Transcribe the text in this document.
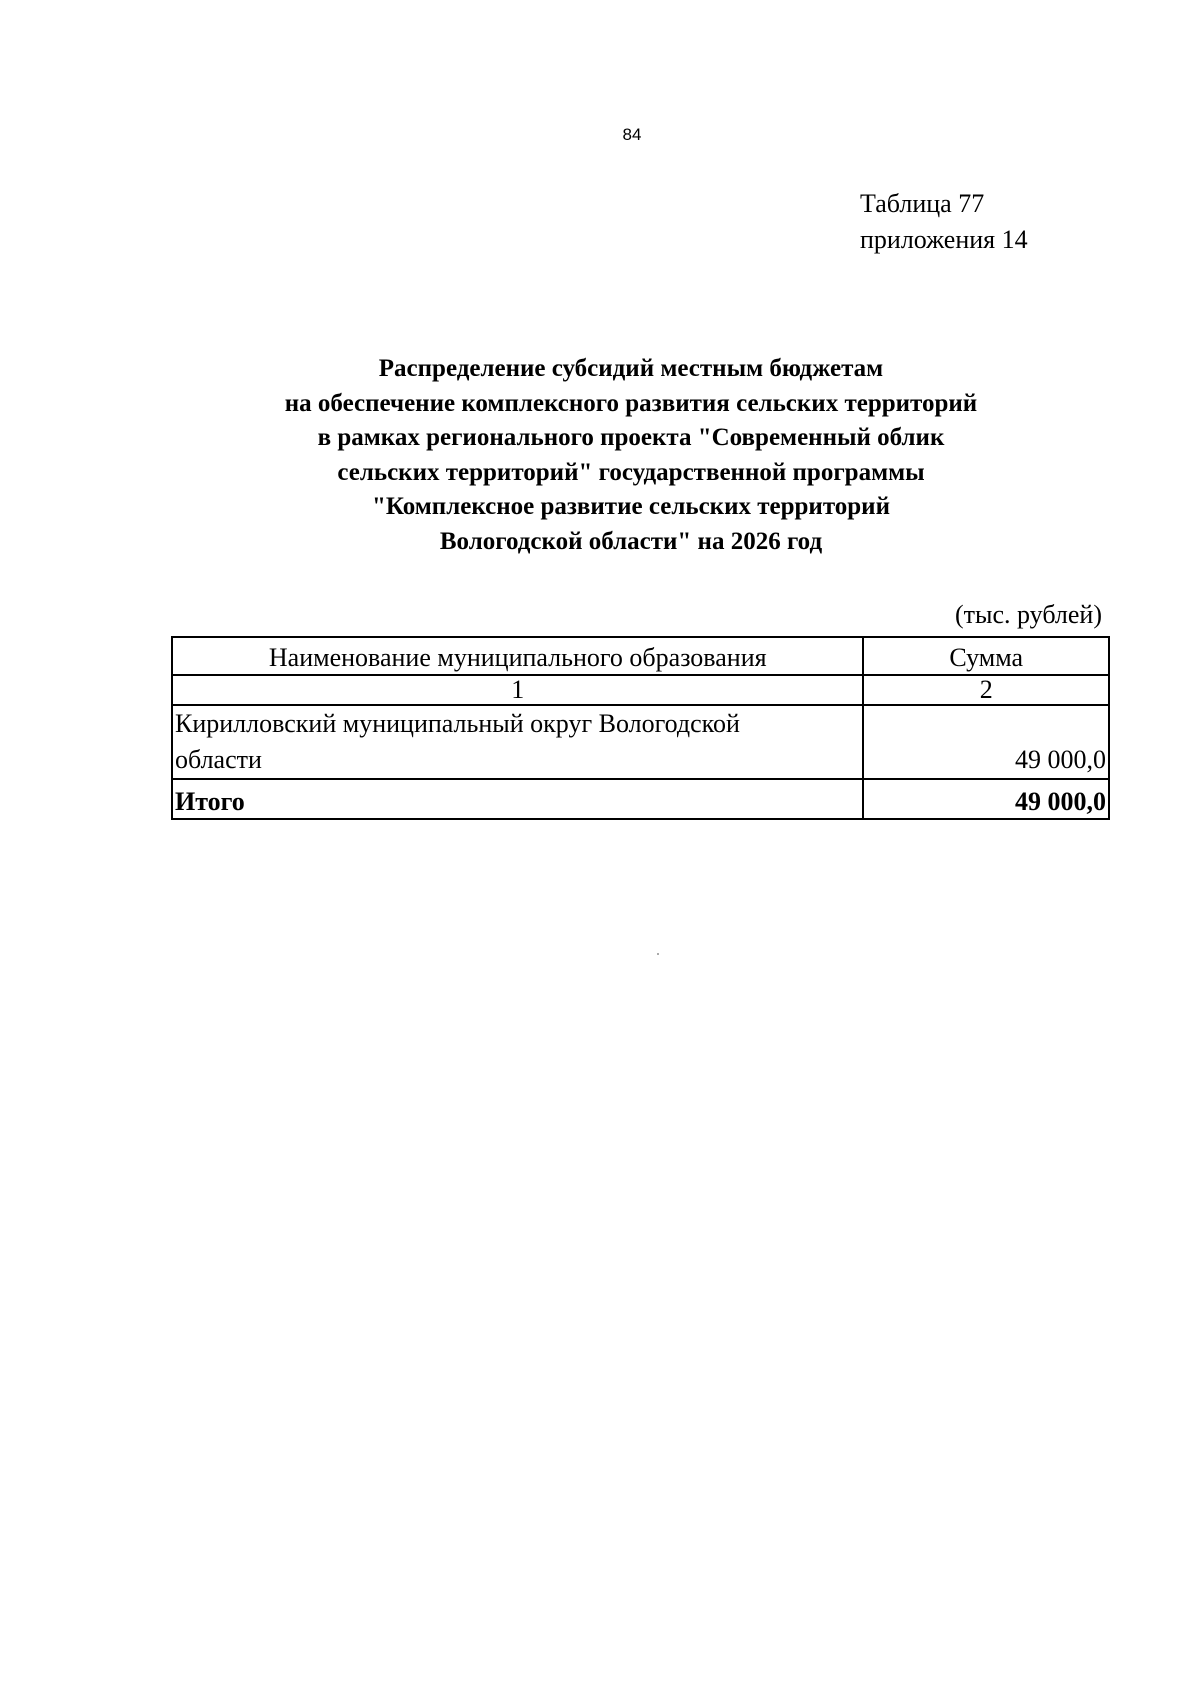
84
Таблица 77
приложения 14
Распределение субсидий местным бюджетам
на обеспечение комплексного развития сельских территорий
в рамках регионального проекта "Современный облик
сельских территорий" государственной программы
"Комплексное развитие сельских территорий
Вологодской области" на 2026 год
(тыс. рублей)
Наименование муниципального образования	Сумма
1	2

Кирилловский муниципальный округ Вологодской
области	49 000,0
Итого	49 000,0
